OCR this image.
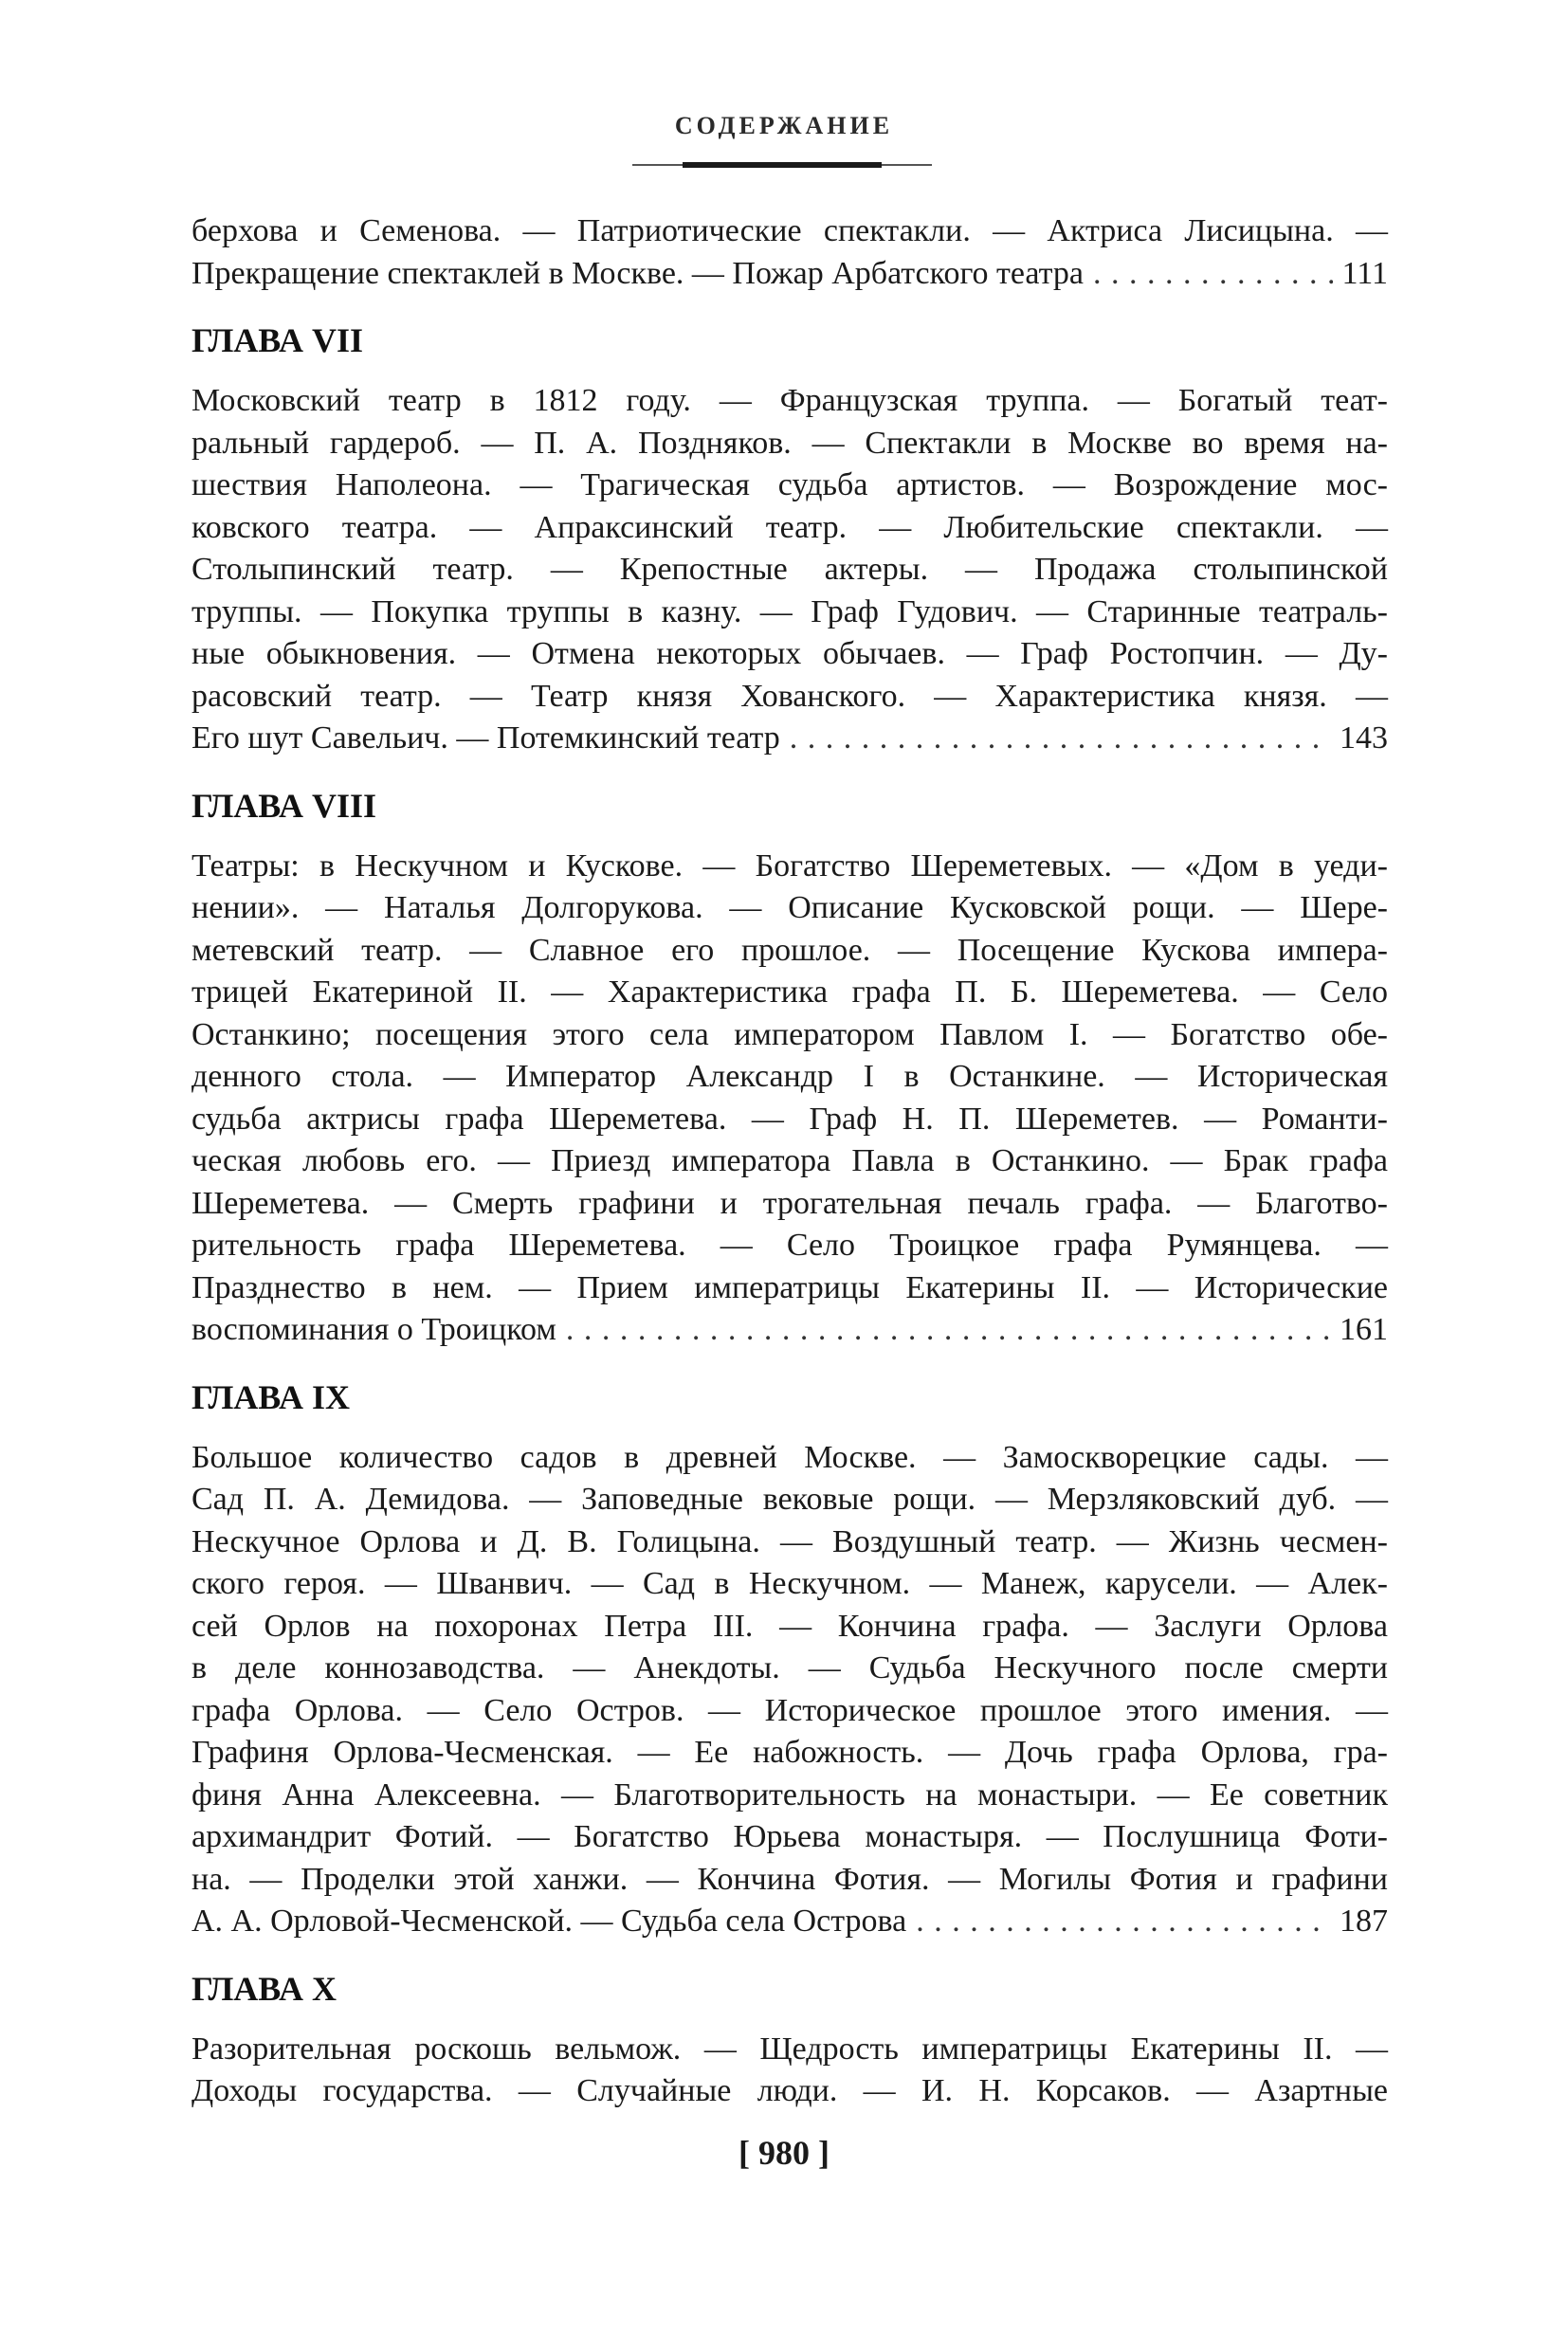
СОДЕРЖАНИЕ
берхова и Семенова. — Патриотические спектакли. — Актриса Лисицына. —
Прекращение спектаклей в Москве. — Пожар Арбатского театра . . .	111
ГЛАВА VII
Московский театр в 1812 году. — Французская труппа. — Богатый теат-
ральный гардероб. — П. А. Поздняков. — Спектакли в Москве во время на-
шествия Наполеона. — Трагическая судьба артистов. — Возрождение мос-
ковского театра. — Апраксинский театр. — Любительские спектакли. —
Столыпинский театр. — Крепостные актеры. — Продажа столыпинской
труппы. — Покупка труппы в казну. — Граф Гудович. — Старинные театраль-
ные обыкновения. — Отмена некоторых обычаев. — Граф Ростопчин. — Ду-
расовский театр. — Театр князя Хованского. — Характеристика князя. —
Его шут Савельич. — Потемкинский театр . . .	143
ГЛАВА VIII
Театры: в Нескучном и Кускове. — Богатство Шереметевых. — «Дом в уеди-
нении». — Наталья Долгорукова. — Описание Кусковской рощи. — Шере-
метевский театр. — Славное его прошлое. — Посещение Кускова импера-
трицей Екатериной II. — Характеристика графа П. Б. Шереметева. — Село
Останкино; посещения этого села императором Павлом I. — Богатство обе-
денного стола. — Император Александр I в Останкине. — Историческая
судьба актрисы графа Шереметева. — Граф Н. П. Шереметев. — Романти-
ческая любовь его. — Приезд императора Павла в Останкино. — Брак графа
Шереметева. — Смерть графини и трогательная печаль графа. — Благотво-
рительность графа Шереметева. — Село Троицкое графа Румянцева. —
Празднество в нем. — Прием императрицы Екатерины II. — Исторические
воспоминания о Троицком . . .	161
ГЛАВА IX
Большое количество садов в древней Москве. — Замоскворецкие сады. —
Сад П. А. Демидова. — Заповедные вековые рощи. — Мерзляковский дуб. —
Нескучное Орлова и Д. В. Голицына. — Воздушный театр. — Жизнь чесмен-
ского героя. — Шванвич. — Сад в Нескучном. — Манеж, карусели. — Алек-
сей Орлов на похоронах Петра III. — Кончина графа. — Заслуги Орлова
в деле коннозаводства. — Анекдоты. — Судьба Нескучного после смерти
графа Орлова. — Село Остров. — Историческое прошлое этого имения. —
Графиня Орлова-Чесменская. — Ее набожность. — Дочь графа Орлова, гра-
финя Анна Алексеевна. — Благотворительность на монастыри. — Ее советник
архимандрит Фотий. — Богатство Юрьева монастыря. — Послушница Фоти-
на. — Проделки этой ханжи. — Кончина Фотия. — Могилы Фотия и графини
А. А. Орловой-Чесменской. — Судьба села Острова . . .	187
ГЛАВА X
Разорительная роскошь вельмож. — Щедрость императрицы Екатерины II. —
Доходы государства. — Случайные люди. — И. Н. Корсаков. — Азартные
[ 980 ]
